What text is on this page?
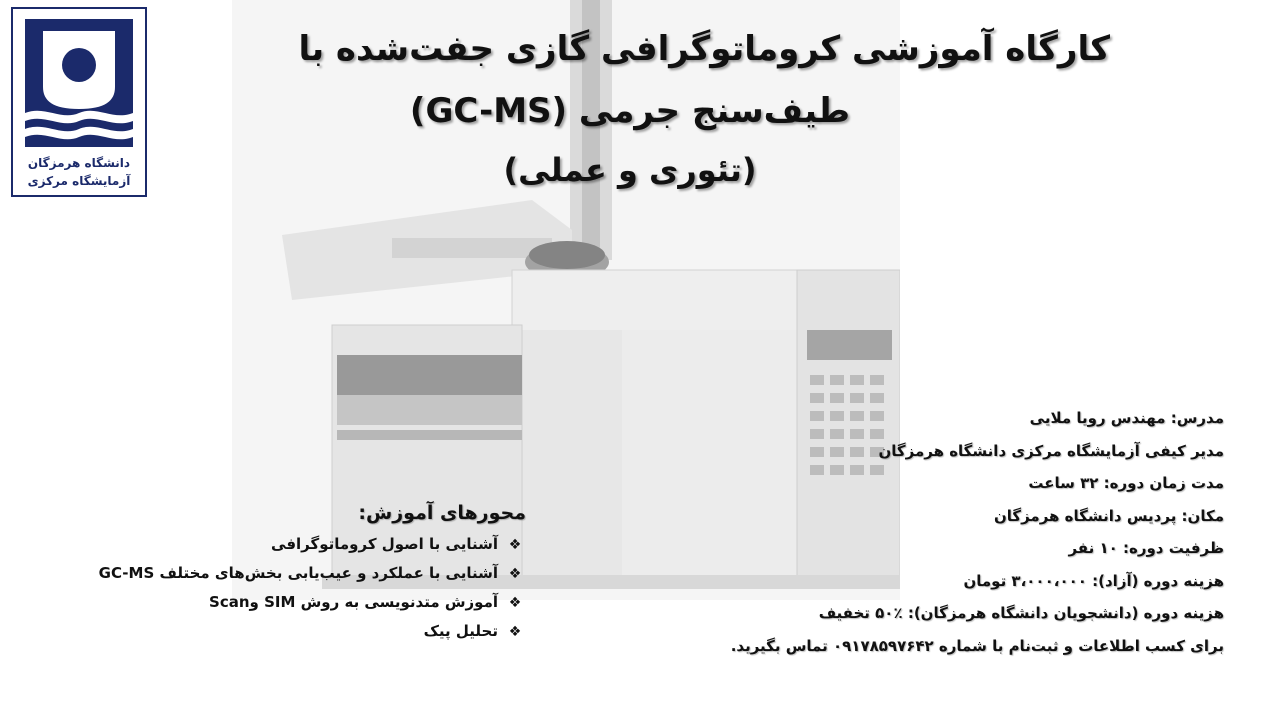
دانشگاه هرمزگان
آزمایشگاه مرکزی
کارگاه آموزشی کروماتوگرافی گازی جفت‌شده با
طیف‌سنج جرمی (GC-MS)
(تئوری و عملی)
مدرس: مهندس رویا ملایی
مدیر کیفی آزمایشگاه مرکزی دانشگاه هرمزگان
مدت زمان دوره: ۳۲ ساعت
مکان: پردیس دانشگاه هرمزگان
ظرفیت دوره: ۱۰ نفر
هزینه دوره (آزاد): ۳،۰۰۰،۰۰۰ تومان
هزینه دوره (دانشجویان دانشگاه هرمزگان): ٪۵۰ تخفیف
برای کسب اطلاعات و ثبت‌نام با شماره ۰۹۱۷۸۵۹۷۶۴۲ تماس بگیرید.
محورهای آموزش:
❖آشنایی با اصول کروماتوگرافی
❖آشنایی با عملکرد و عیب‌یابی بخش‌های مختلف GC-MS
❖آموزش متدنویسی به روش SIM وScan
❖تحلیل پیک
